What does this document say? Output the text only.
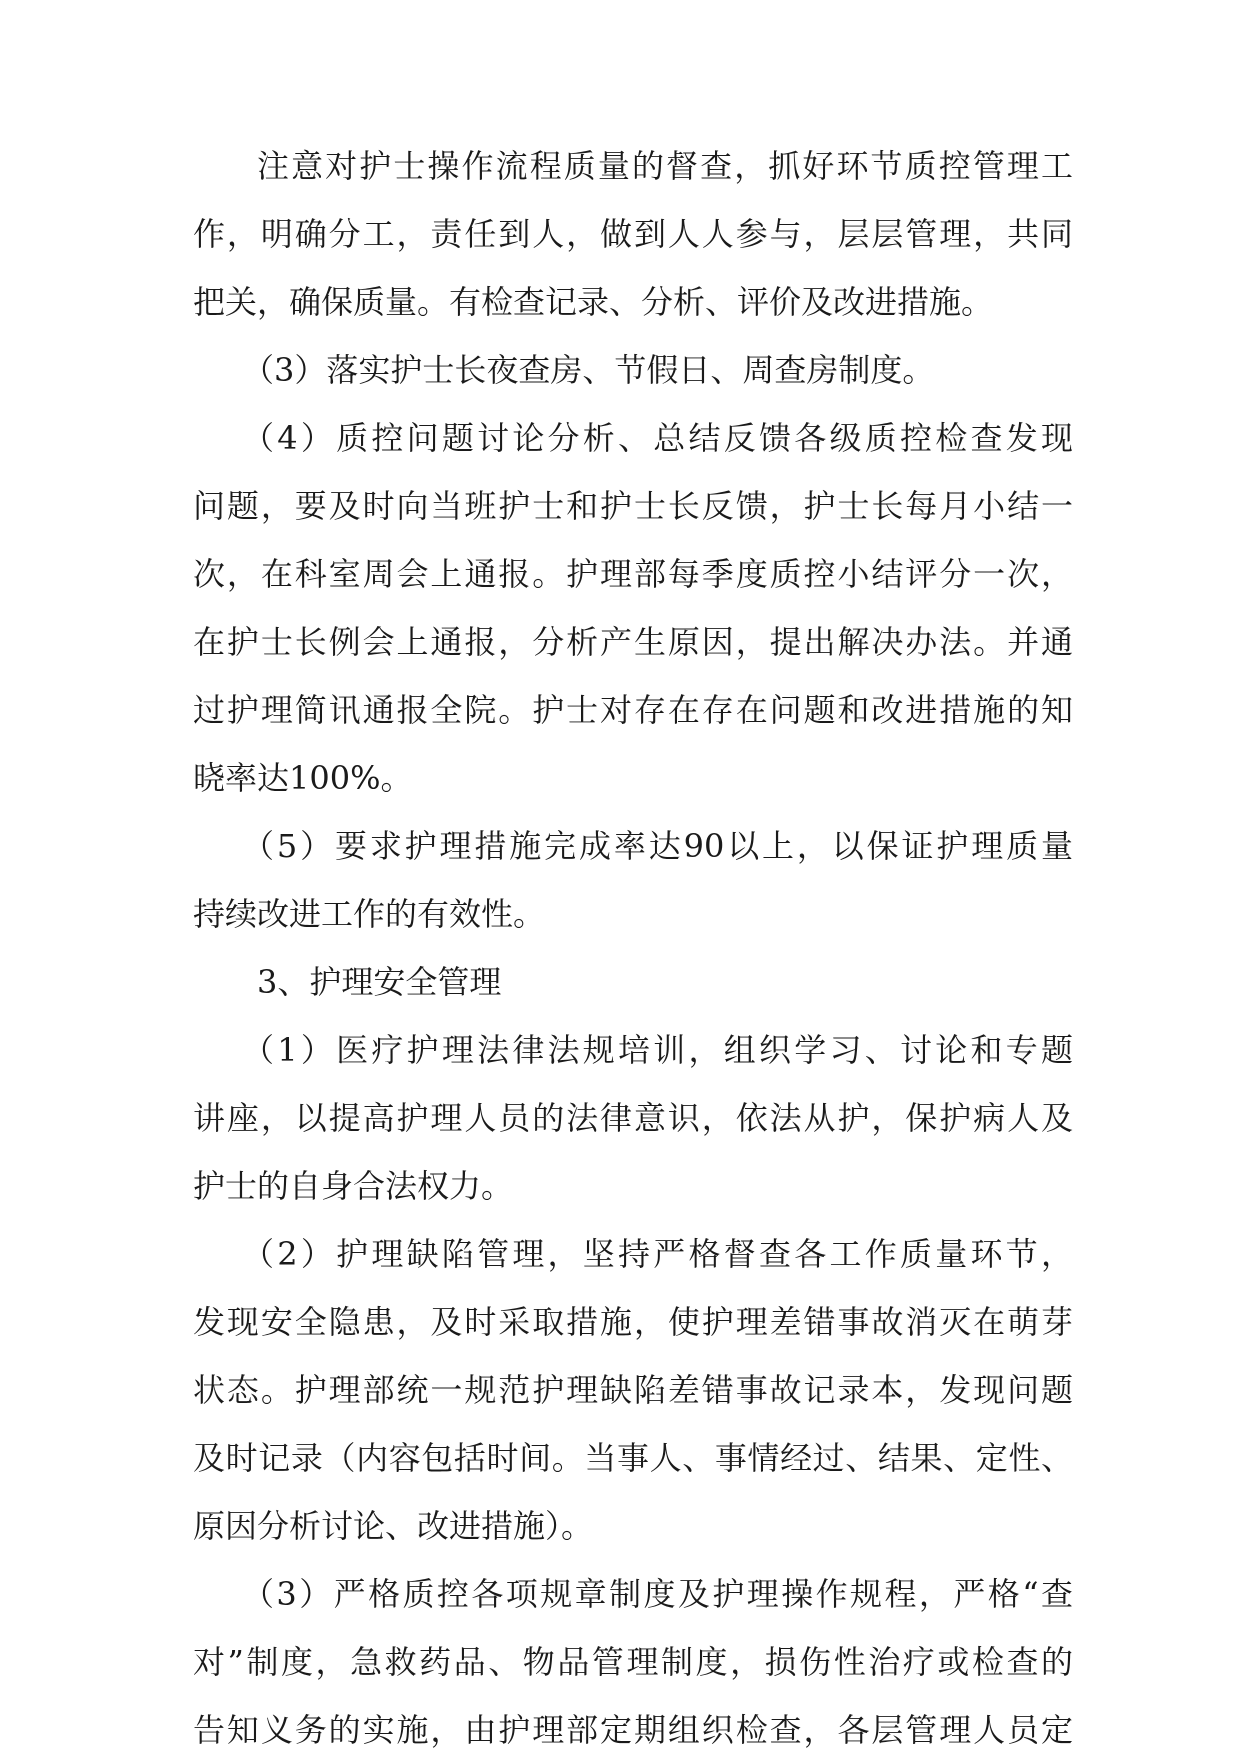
注意对护士操作流程质量的督查，抓好环节质控管理工
作，明确分工，责任到人，做到人人参与，层层管理，共同
把关，确保质量。有检查记录、分析、评价及改进措施。
（3）落实护士长夜查房、节假日、周查房制度。
（4）质控问题讨论分析、总结反馈各级质控检查发现
问题，要及时向当班护士和护士长反馈，护士长每月小结一
次，在科室周会上通报。护理部每季度质控小结评分一次，
在护士长例会上通报，分析产生原因，提出解决办法。并通
过护理简讯通报全院。护士对存在存在问题和改进措施的知
晓率达100%。
（5）要求护理措施完成率达90以上，以保证护理质量
持续改进工作的有效性。
3、护理安全管理
（1）医疗护理法律法规培训，组织学习、讨论和专题
讲座，以提高护理人员的法律意识，依法从护，保护病人及
护士的自身合法权力。
（2）护理缺陷管理，坚持严格督查各工作质量环节，
发现安全隐患，及时采取措施，使护理差错事故消灭在萌芽
状态。护理部统一规范护理缺陷差错事故记录本，发现问题
及时记录（内容包括时间。当事人、事情经过、结果、定性、
原因分析讨论、改进措施）。
（3）严格质控各项规章制度及护理操作规程，严格“查
对”制度，急救药品、物品管理制度，损伤性治疗或检查的
告知义务的实施，由护理部定期组织检查，各层管理人员定
